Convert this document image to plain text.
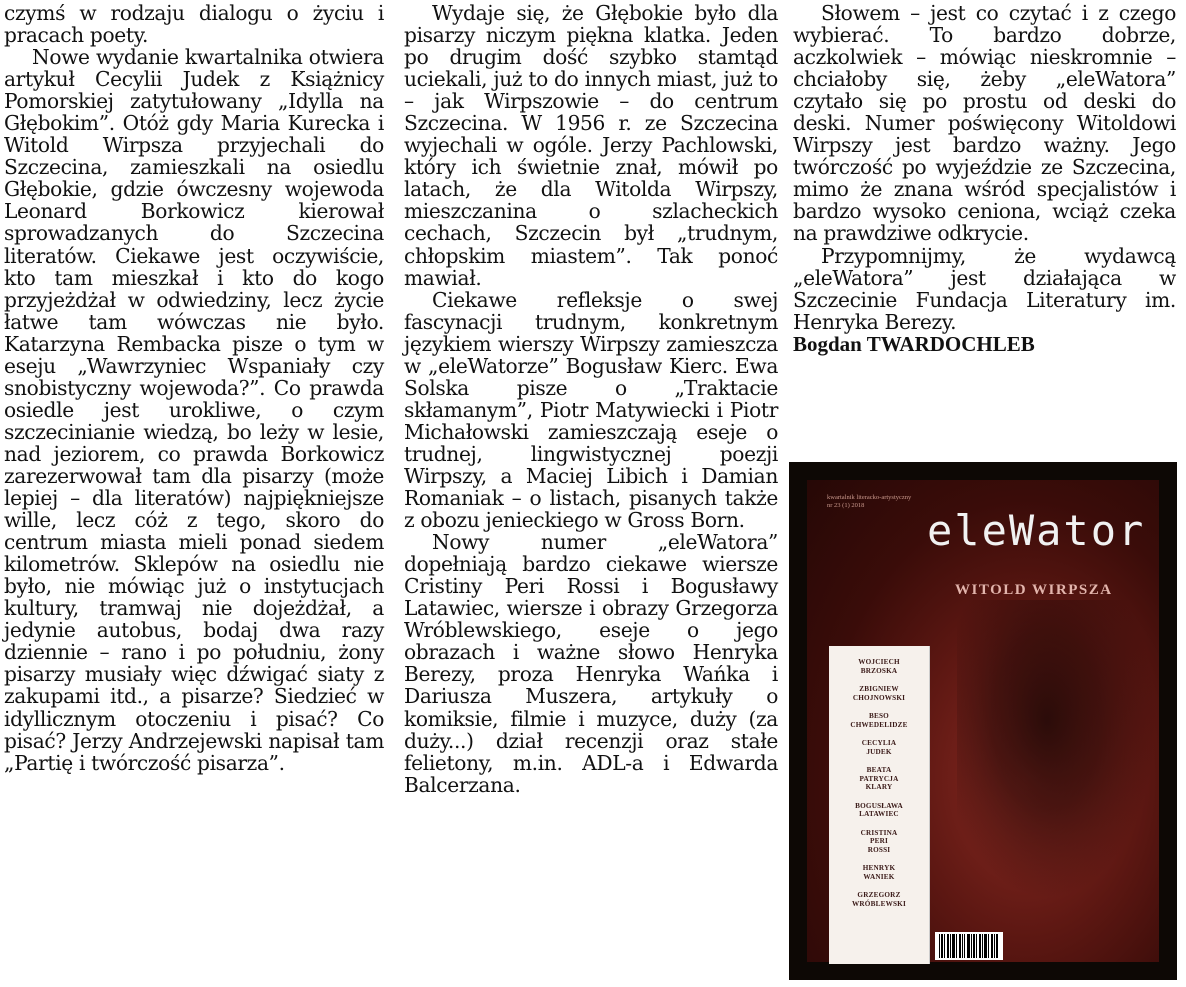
czymś w rodzaju dialogu o życiu i pracach poety.

Nowe wydanie kwartalnika otwiera artykuł Cecylii Judek z Książnicy Pomorskiej zatytułowany „Idylla na Głębokim”. Otóż gdy Maria Kurecka i Witold Wirpsza przyjechali do Szczecina, zamieszkali na osiedlu Głębokie, gdzie ówczesny wojewoda Leonard Borkowicz kierował sprowadzanych do Szczecina literatów. Ciekawe jest oczywiście, kto tam mieszkał i kto do kogo przyjeżdżał w odwiedziny, lecz życie łatwe tam wówczas nie było. Katarzyna Rembacka pisze o tym w eseju „Wawrzyniec Wspaniały czy snobistyczny wojewoda?”. Co prawda osiedle jest urokliwe, o czym szczecinianie wiedzą, bo leży w lesie, nad jeziorem, co prawda Borkowicz zarezerwował tam dla pisarzy (może lepiej – dla literatów) najpiękniejsze wille, lecz cóż z tego, skoro do centrum miasta mieli ponad siedem kilometrów. Sklepów na osiedlu nie było, nie mówiąc już o instytucjach kultury, tramwaj nie dojeżdżał, a jedynie autobus, bodaj dwa razy dziennie – rano i po południu, żony pisarzy musiały więc dźwigać siaty z zakupami itd., a pisarze? Siedzieć w idyllicznym otoczeniu i pisać? Co pisać? Jerzy Andrzejewski napisał tam „Partię i twórczość pisarza”.

Wydaje się, że Głębokie było dla pisarzy niczym piękna klatka. Jeden po drugim dość szybko stamtąd uciekali, już to do innych miast, już to – jak Wirpszowie – do centrum Szczecina. W 1956 r. ze Szczecina wyjechali w ogóle. Jerzy Pachlowski, który ich świetnie znał, mówił po latach, że dla Witolda Wirpszy, mieszczanina o szlacheckich cechach, Szczecin był „trudnym, chłopskim miastem”. Tak ponoć mawiał.

Ciekawe refleksje o swej fascynacji trudnym, konkretnym językiem wierszy Wirpszy zamieszcza w „eleWatorze” Bogusław Kierc. Ewa Solska pisze o „Traktacie skłamanym”, Piotr Matywiecki i Piotr Michałowski zamieszczają eseje o trudnej, lingwistycznej poezji Wirpszy, a Maciej Libich i Damian Romaniak – o listach, pisanych także z obozu jenieckiego w Gross Born.

Nowy numer „eleWatora” dopełniają bardzo ciekawe wiersze Cristiny Peri Rossi i Bogusławy Latawiec, wiersze i obrazy Grzegorza Wróblewskiego, eseje o jego obrazach i ważne słowo Henryka Berezy, proza Henryka Wańka i Dariusza Muszera, artykuły o komiksie, filmie i muzyce, duży (za duży...) dział recenzji oraz stałe felietony, m.in. ADL-a i Edwarda Balcerzana.

Słowem – jest co czytać i z czego wybierać. To bardzo dobrze, aczkolwiek – mówiąc nieskromnie – chciałoby się, żeby „eleWatora” czytało się po prostu od deski do deski. Numer poświęcony Witoldowi Wirpszy jest bardzo ważny. Jego twórczość po wyjeździe ze Szczecina, mimo że znana wśród specjalistów i bardzo wysoko ceniona, wciąż czeka na prawdziwe odkrycie.

Przypomnijmy, że wydawcą „eleWatora” jest działająca w Szczecinie Fundacja Literatury im. Henryka Berezy.

Bogdan TWARDOCHLEB

kwartalnik literacko-artystyczny nr 23 (1) 2018
eleWator
WITOLD WIRPSZA
WOJCIECH
BRZOSKA
ZBIGNIEW
CHOJNOWSKI
BESO
CHWEDELIDZE
CECYLIA
JUDEK
BEATA
PATRYCJA
KLARY
BOGUSŁAWA
LATAWIEC
CRISTINA
PERI
ROSSI
HENRYK
WANIEK
GRZEGORZ
WRÓBLEWSKI
